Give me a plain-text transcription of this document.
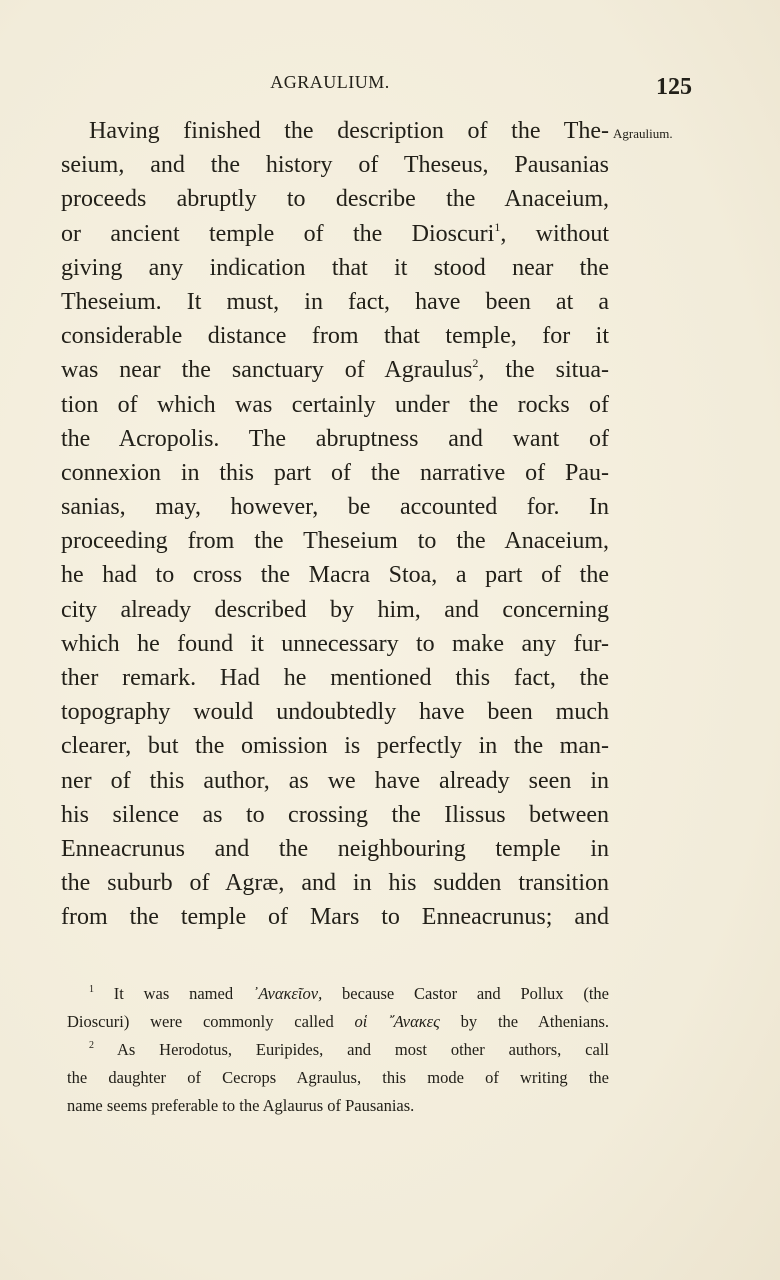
AGRAULIUM.	125
Agraulium.
Having finished the description of the The-
seium, and the history of Theseus, Pausanias
proceeds abruptly to describe the Anaceium,
or ancient temple of the Dioscuri$^1$, without
giving any indication that it stood near the
Theseium. It must, in fact, have been at a
considerable distance from that temple, for it
was near the sanctuary of Agraulus$^2$, the situa-
tion of which was certainly under the rocks of
the Acropolis. The abruptness and want of
connexion in this part of the narrative of Pau-
sanias, may, however, be accounted for. In
proceeding from the Theseium to the Anaceium,
he had to cross the Macra Stoa, a part of the
city already described by him, and concerning
which he found it unnecessary to make any fur-
ther remark. Had he mentioned this fact, the
topography would undoubtedly have been much
clearer, but the omission is perfectly in the man-
ner of this author, as we have already seen in
his silence as to crossing the Ilissus between
Enneacrunus and the neighbouring temple in
the suburb of Agræ, and in his sudden transition
from the temple of Mars to Enneacrunus; and
$^1$ It was named ᾿Ανακεῖον, because Castor and Pollux (the
Dioscuri) were commonly called οἱ ῎Ανακες by the Athenians.
$^2$ As Herodotus, Euripides, and most other authors, call
the daughter of Cecrops Agraulus, this mode of writing the
name seems preferable to the Aglaurus of Pausanias.
